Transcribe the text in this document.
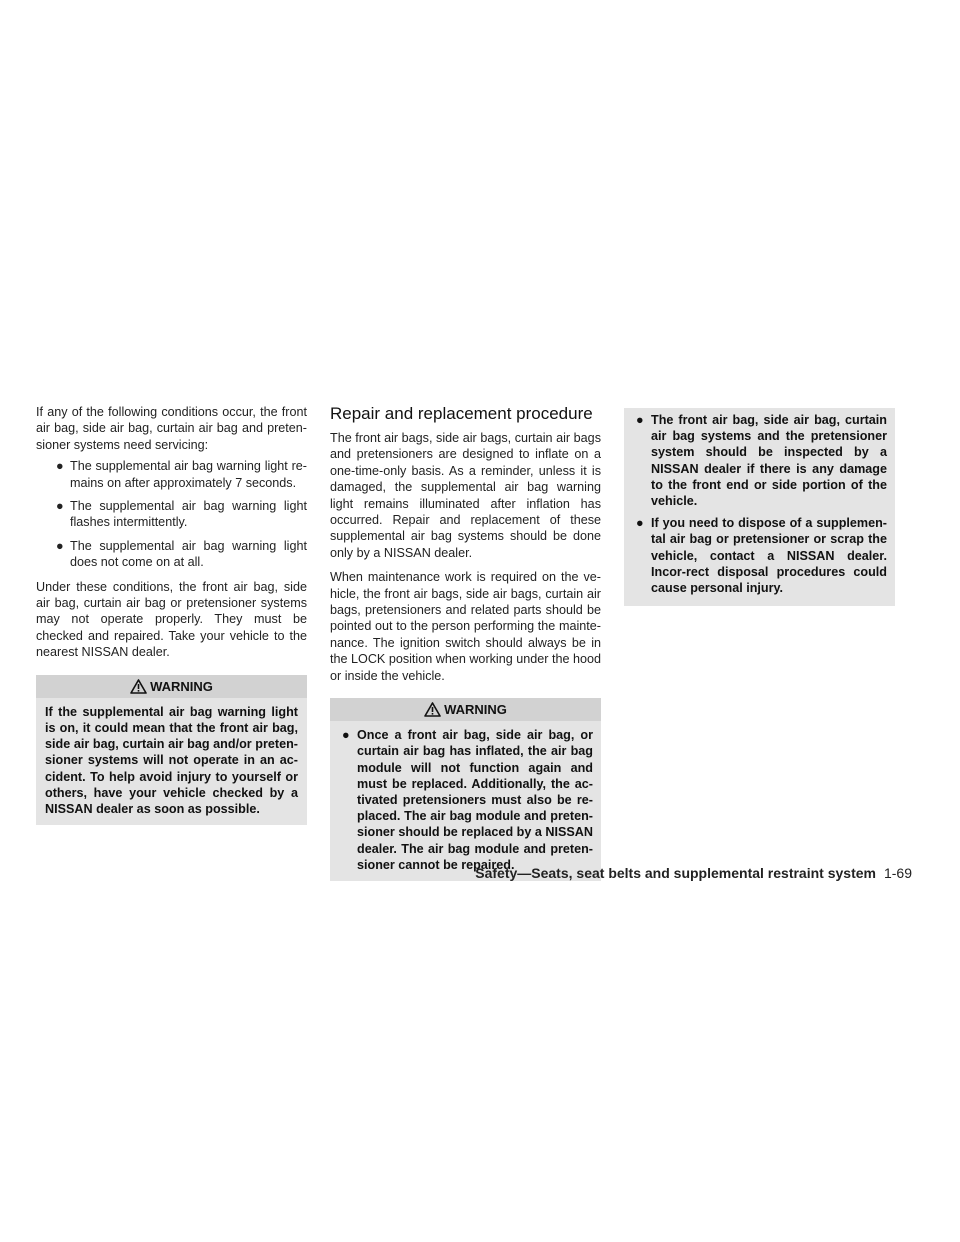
If any of the following conditions occur, the front air bag, side air bag, curtain air bag and preten-sioner systems need servicing:

● The supplemental air bag warning light re-mains on after approximately 7 seconds.
● The supplemental air bag warning light flashes intermittently.
● The supplemental air bag warning light does not come on at all.

Under these conditions, the front air bag, side air bag, curtain air bag or pretensioner systems may not operate properly. They must be checked and repaired. Take your vehicle to the nearest NISSAN dealer.

WARNING
If the supplemental air bag warning light is on, it could mean that the front air bag, side air bag, curtain air bag and/or preten-sioner systems will not operate in an ac-cident. To help avoid injury to yourself or others, have your vehicle checked by a NISSAN dealer as soon as possible.
Repair and replacement procedure

The front air bags, side air bags, curtain air bags and pretensioners are designed to inflate on a one-time-only basis. As a reminder, unless it is damaged, the supplemental air bag warning light remains illuminated after inflation has occurred. Repair and replacement of these supplemental air bag systems should be done only by a NISSAN dealer.

When maintenance work is required on the ve-hicle, the front air bags, side air bags, curtain air bags, pretensioners and related parts should be pointed out to the person performing the mainte-nance. The ignition switch should always be in the LOCK position when working under the hood or inside the vehicle.

WARNING
● Once a front air bag, side air bag, or curtain air bag has inflated, the air bag module will not function again and must be replaced. Additionally, the ac-tivated pretensioners must also be re-placed. The air bag module and preten-sioner should be replaced by a NISSAN dealer. The air bag module and preten-sioner cannot be repaired.
● The front air bag, side air bag, curtain air bag systems and the pretensioner system should be inspected by a NISSAN dealer if there is any damage to the front end or side portion of the vehicle.
● If you need to dispose of a supplemen-tal air bag or pretensioner or scrap the vehicle, contact a NISSAN dealer. Incor-rect disposal procedures could cause personal injury.
Safety—Seats, seat belts and supplemental restraint system 1-69
